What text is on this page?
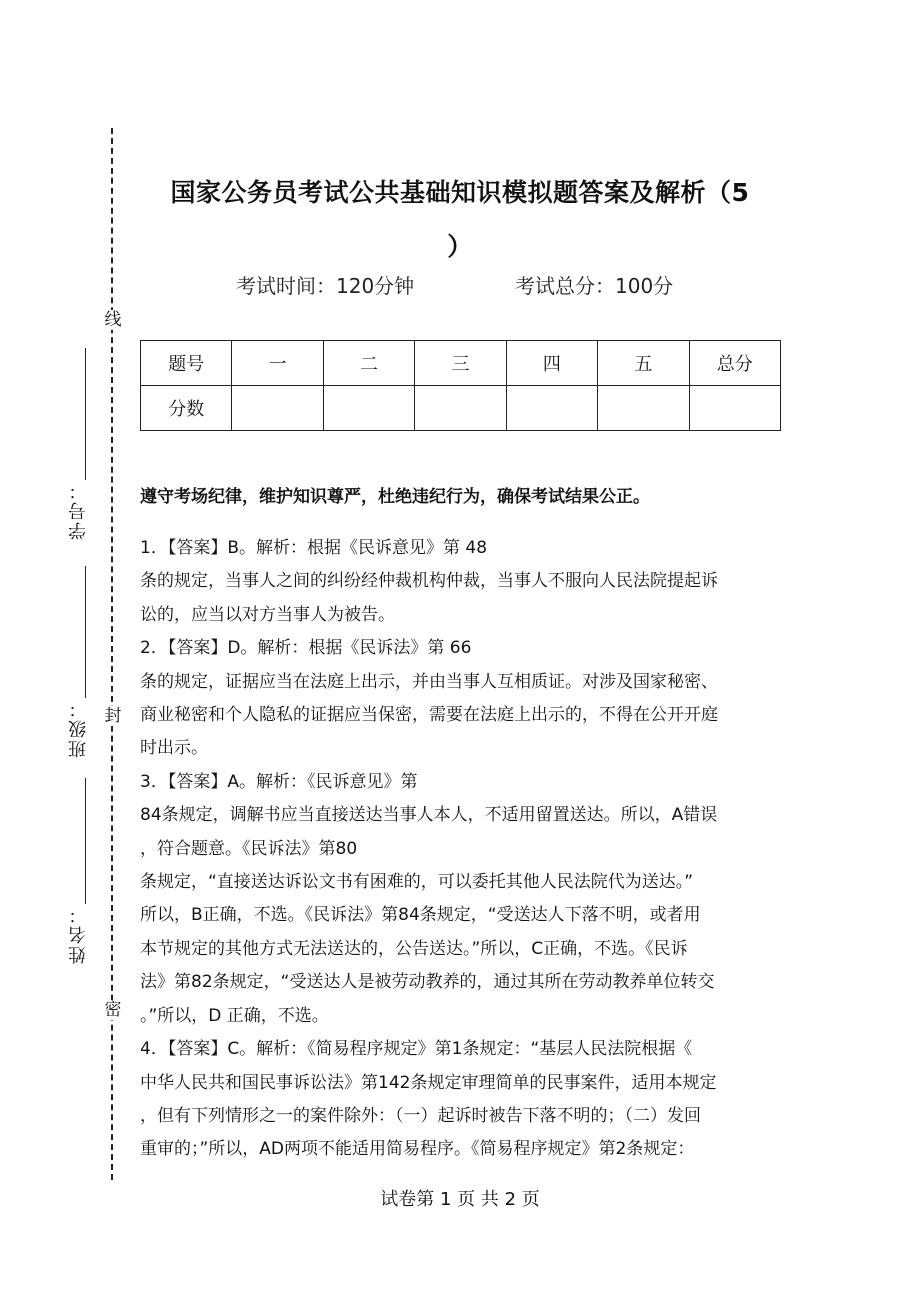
线
封
密
学号：
班级：
姓名：
国家公务员考试公共基础知识模拟题答案及解析（5
）
考试时间：120分钟	考试总分：100分
题号	一	二	三	四	五	总分
分数						
遵守考场纪律，维护知识尊严，杜绝违纪行为，确保考试结果公正。
1．【答案】B。解析：根据《民诉意见》第 48
条的规定，当事人之间的纠纷经仲裁机构仲裁，当事人不服向人民法院提起诉
讼的，应当以对方当事人为被告。
2．【答案】D。解析：根据《民诉法》第 66
条的规定，证据应当在法庭上出示，并由当事人互相质证。对涉及国家秘密、
商业秘密和个人隐私的证据应当保密，需要在法庭上出示的，不得在公开开庭
时出示。
3．【答案】A。解析：《民诉意见》第
84条规定，调解书应当直接送达当事人本人，不适用留置送达。所以，A错误
，符合题意。《民诉法》第80
条规定，“直接送达诉讼文书有困难的，可以委托其他人民法院代为送达。”
所以，B正确，不选。《民诉法》第84条规定，“受送达人下落不明，或者用
本节规定的其他方式无法送达的，公告送达。”所以，C正确，不选。《民诉
法》第82条规定，“受送达人是被劳动教养的，通过其所在劳动教养单位转交
。”所以，D 正确，不选。
4．【答案】C。解析：《简易程序规定》第1条规定：“基层人民法院根据《
中华人民共和国民事诉讼法》第142条规定审理简单的民事案件，适用本规定
，但有下列情形之一的案件除外：（一）起诉时被告下落不明的；（二）发回
重审的；”所以，AD两项不能适用简易程序。《简易程序规定》第2条规定：
试卷第 1 页 共 2 页
